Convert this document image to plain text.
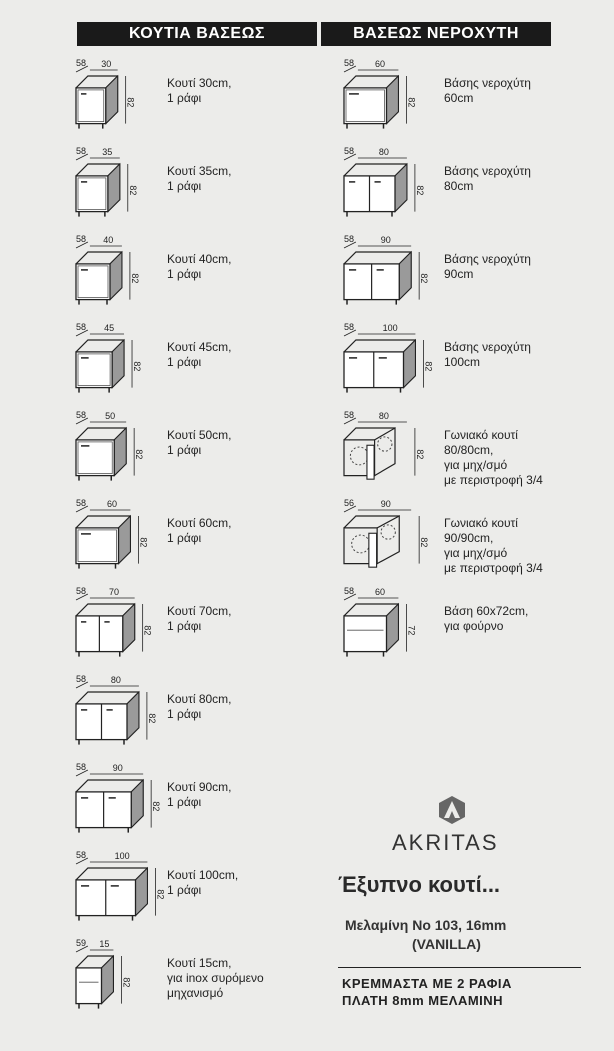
ΚΟΥΤΙΑ ΒΑΣΕΩΣ	ΒΑΣΕΩΣ ΝΕΡΟΧΥΤΗ
58 30
82
Κουτί 30cm,
1 ράφι
58 35
82
Κουτί 35cm,
1 ράφι
58 40
82
Κουτί 40cm,
1 ράφι
58 45
82
Κουτί 45cm,
1 ράφι
58 50
82
Κουτί 50cm,
1 ράφι
58 60
82
Κουτί 60cm,
1 ράφι
58	70
82
Κουτί 70cm,
1 ράφι
58	80
82
Κουτί 80cm,
1 ράφι
58	90
82
Κουτί 90cm,
1 ράφι
58	100
82
Κουτί 100cm,
1 ράφι
59 15
82
Κουτί 15cm,
για inox συρόμενο
μηχανισμό
58 60
82
Βάσης νεροχύτη
60cm
58	80
82
Βάσης νεροχύτη
80cm
58	90
82
Βάσης νεροχύτη
90cm
58	100
82
Βάσης νεροχύτη
100cm
58	80
82
Γωνιακό κουτί
80/80cm,
για μηχ/σμό
με περιστροφή 3/4
56	90
82
Γωνιακό κουτί
90/90cm,
για μηχ/σμό
με περιστροφή 3/4
58 60
72
Βάση 60x72cm,
για φούρνο
AKRITAS
Έξυπνο κουτί...
Μελαμίνη Νο 103, 16mm
(VANILLA)
ΚΡΕΜΜΑΣΤΑ ΜΕ 2 ΡΑΦΙΑ
ΠΛΑΤΗ 8mm ΜΕΛΑΜΙΝΗ
